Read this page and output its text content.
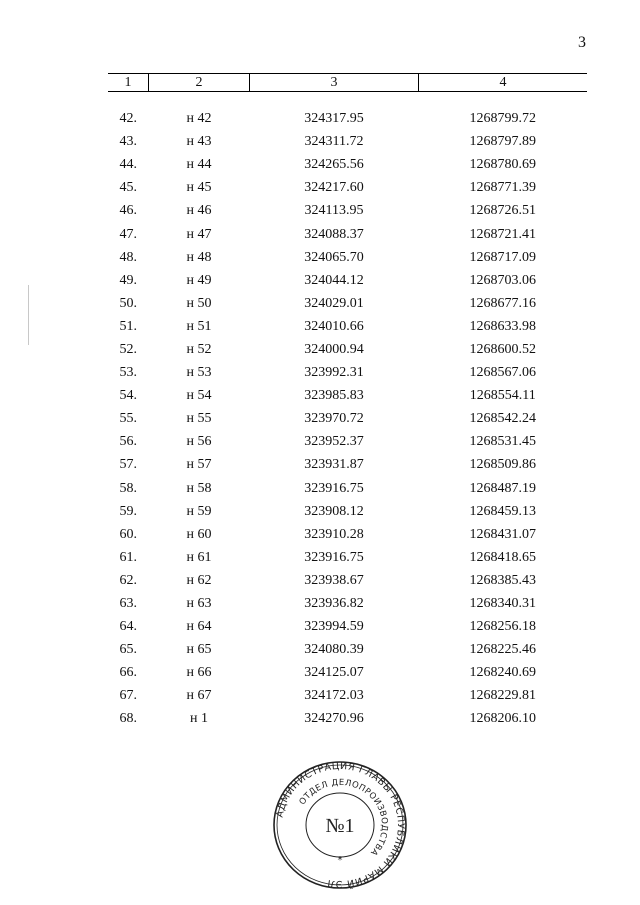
3
1	2	3	4

42.	н 42	324317.95	1268799.72
43.	н 43	324311.72	1268797.89
44.	н 44	324265.56	1268780.69
45.	н 45	324217.60	1268771.39
46.	н 46	324113.95	1268726.51
47.	н 47	324088.37	1268721.41
48.	н 48	324065.70	1268717.09
49.	н 49	324044.12	1268703.06
50.	н 50	324029.01	1268677.16
51.	н 51	324010.66	1268633.98
52.	н 52	324000.94	1268600.52
53.	н 53	323992.31	1268567.06
54.	н 54	323985.83	1268554.11
55.	н 55	323970.72	1268542.24
56.	н 56	323952.37	1268531.45
57.	н 57	323931.87	1268509.86
58.	н 58	323916.75	1268487.19
59.	н 59	323908.12	1268459.13
60.	н 60	323910.28	1268431.07
61.	н 61	323916.75	1268418.65
62.	н 62	323938.67	1268385.43
63.	н 63	323936.82	1268340.31
64.	н 64	323994.59	1268256.18
65.	н 65	324080.39	1268225.46
66.	н 66	324125.07	1268240.69
67.	н 67	324172.03	1268229.81
68.	н 1	324270.96	1268206.10
АДМИНИСТРАЦИЯ ГЛАВЫ РЕСПУБЛИКИ МАРИЙ ЭЛ
ОТДЕЛ ДЕЛОПРОИЗВОДСТВА
№1
*
